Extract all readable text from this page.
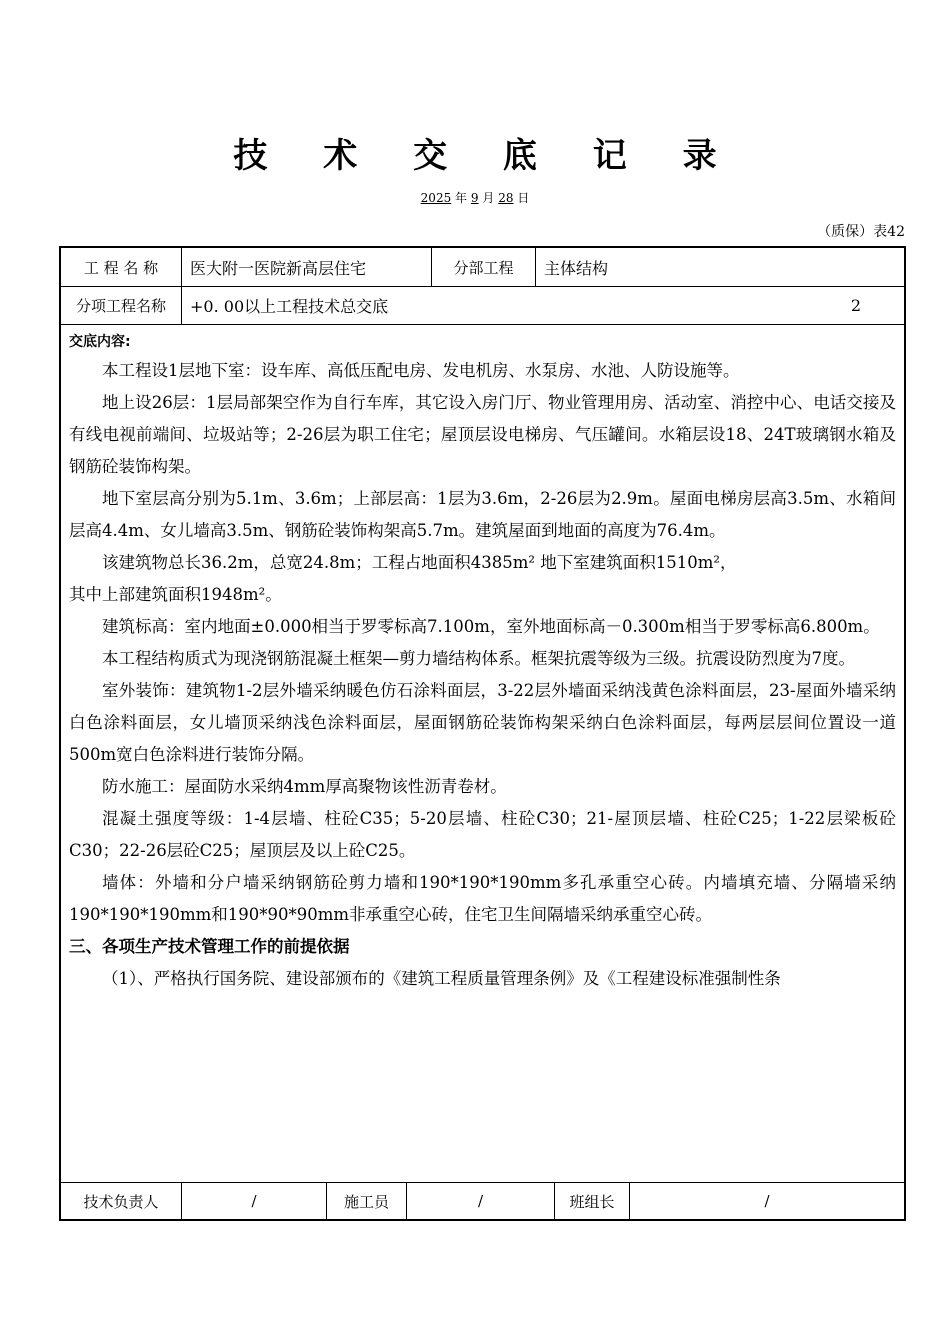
技 术 交 底 记 录
2025 年 9 月 28 日
（质保）表42
工 程 名 称	医大附一医院新高层住宅	分部工程	主体结构
分项工程名称	+0. 00以上工程技术总交底	2
交底内容:

本工程设1层地下室：设车库、高低压配电房、发电机房、水泵房、水池、人防设施等。

地上设26层：1层局部架空作为自行车库，其它设入房门厅、物业管理用房、活动室、消控中心、电话交接及有线电视前端间、垃圾站等；2-26层为职工住宅；屋顶层设电梯房、气压罐间。水箱层设18、24T玻璃钢水箱及钢筋砼装饰构架。

地下室层高分别为5.1m、3.6m；上部层高：1层为3.6m，2-26层为2.9m。屋面电梯房层高3.5m、水箱间层高4.4m、女儿墙高3.5m、钢筋砼装饰构架高5.7m。建筑屋面到地面的高度为76.4m。

该建筑物总长36.2m，总宽24.8m；工程占地面积4385m² 地下室建筑面积1510m²，

其中上部建筑面积1948m²。

建筑标高：室内地面±0.000相当于罗零标高7.100m，室外地面标高－0.300m相当于罗零标高6.800m。

本工程结构质式为现浇钢筋混凝土框架—剪力墙结构体系。框架抗震等级为三级。抗震设防烈度为7度。

室外装饰：建筑物1-2层外墙采纳暖色仿石涂料面层，3-22层外墙面采纳浅黄色涂料面层，23-屋面外墙采纳白色涂料面层，女儿墙顶采纳浅色涂料面层，屋面钢筋砼装饰构架采纳白色涂料面层，每两层层间位置设一道500m宽白色涂料进行装饰分隔。

防水施工：屋面防水采纳4mm厚高聚物该性沥青卷材。

混凝土强度等级：1-4层墙、柱砼C35；5-20层墙、柱砼C30；21-屋顶层墙、柱砼C25；1-22层梁板砼C30；22-26层砼C25；屋顶层及以上砼C25。

墙体：外墙和分户墙采纳钢筋砼剪力墙和190*190*190mm多孔承重空心砖。内墙填充墙、分隔墙采纳190*190*190mm和190*90*90mm非承重空心砖，住宅卫生间隔墙采纳承重空心砖。

三、各项生产技术管理工作的前提依据

（1）、严格执行国务院、建设部颁布的《建筑工程质量管理条例》及《工程建设标准强制性条

技术负责人	/	施工员	/	班组长	/
